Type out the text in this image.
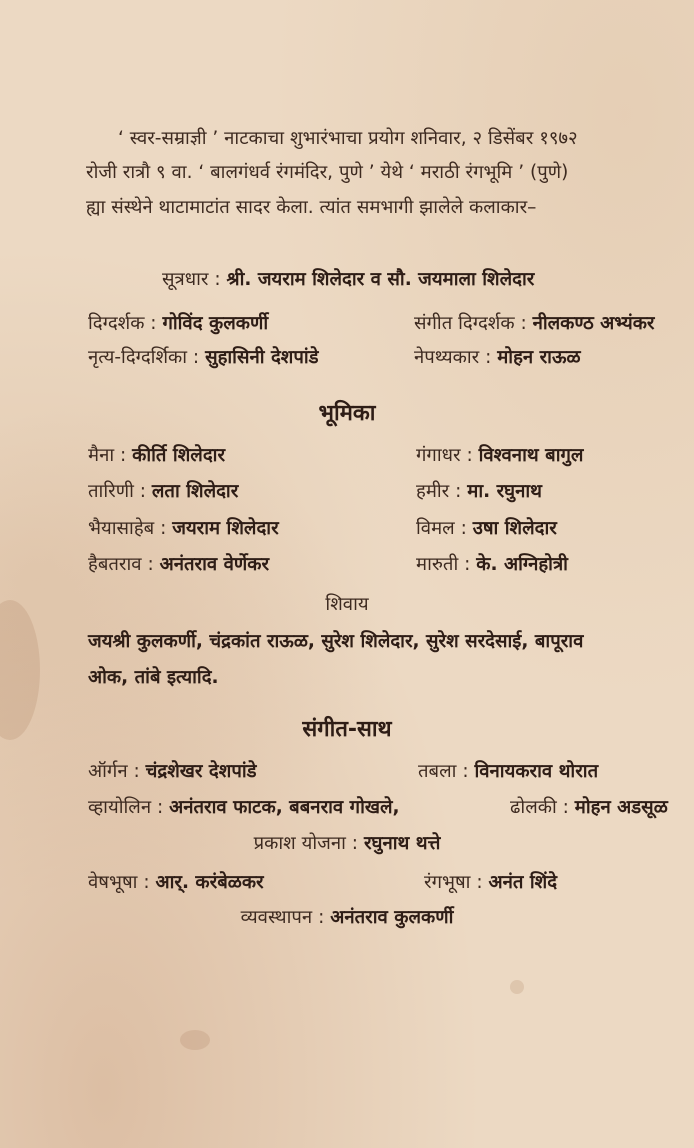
‘ स्वर-सम्राज्ञी ’ नाटकाचा शुभारंभाचा प्रयोग शनिवार, २ डिसेंबर १९७२
रोजी रात्रौ ९ वा. ‘ बालगंधर्व रंगमंदिर, पुणे ’ येथे ‘ मराठी रंगभूमि ’ (पुणे)
ह्या संस्थेने थाटामाटांत सादर केला. त्यांत समभागी झालेले कलाकार–
सूत्रधार : श्री. जयराम शिलेदार व सौ. जयमाला शिलेदार
दिग्दर्शक : गोविंद कुलकर्णी	संगीत दिग्दर्शक : नीलकण्ठ अभ्यंकर
नृत्य-दिग्दर्शिका : सुहासिनी देशपांडे	नेपथ्यकार : मोहन राऊळ
भूमिका
मैना : कीर्ति शिलेदार	गंगाधर : विश्वनाथ बागुल
तारिणी : लता शिलेदार	हमीर : मा. रघुनाथ
भैयासाहेब : जयराम शिलेदार	विमल : उषा शिलेदार
हैबतराव : अनंतराव वेर्णेकर	मारुती : के. अग्निहोत्री
शिवाय
जयश्री कुलकर्णी, चंद्रकांत राऊळ, सुरेश शिलेदार, सुरेश सरदेसाई, बापूराव
ओक, तांबे इत्यादि.
संगीत-साथ
ऑर्गन : चंद्रशेखर देशपांडे	तबला : विनायकराव थोरात
व्हायोलिन : अनंतराव फाटक, बबनराव गोखले,	ढोलकी : मोहन अडसूळ
प्रकाश योजना : रघुनाथ थत्ते
वेषभूषा : आर्. करंबेळकर	रंगभूषा : अनंत शिंदे
व्यवस्थापन : अनंतराव कुलकर्णी
